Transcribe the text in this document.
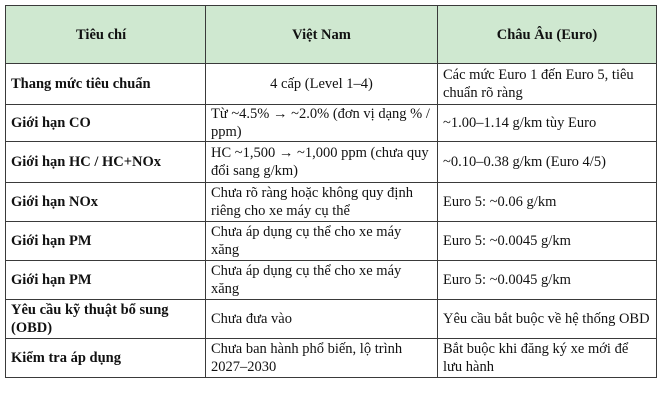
Tiêu chí	Việt Nam	Châu Âu (Euro)
Thang mức tiêu chuẩn	4 cấp (Level 1–4)	Các mức Euro 1 đến Euro 5, tiêu chuẩn rõ ràng
Giới hạn CO	Từ ~4.5% → ~2.0% (đơn vị dạng % / ppm)	~1.00–1.14 g/km tùy Euro
Giới hạn HC / HC+NOx	HC ~1,500 → ~1,000 ppm (chưa quy đổi sang g/km)	~0.10–0.38 g/km (Euro 4/5)
Giới hạn NOx	Chưa rõ ràng hoặc không quy định riêng cho xe máy cụ thể	Euro 5: ~0.06 g/km
Giới hạn PM	Chưa áp dụng cụ thể cho xe máy xăng	Euro 5: ~0.0045 g/km
Giới hạn PM	Chưa áp dụng cụ thể cho xe máy xăng	Euro 5: ~0.0045 g/km
Yêu cầu kỹ thuật bổ sung (OBD)	Chưa đưa vào	Yêu cầu bắt buộc về hệ thống OBD
Kiểm tra áp dụng	Chưa ban hành phổ biến, lộ trình 2027–2030	Bắt buộc khi đăng ký xe mới để lưu hành
